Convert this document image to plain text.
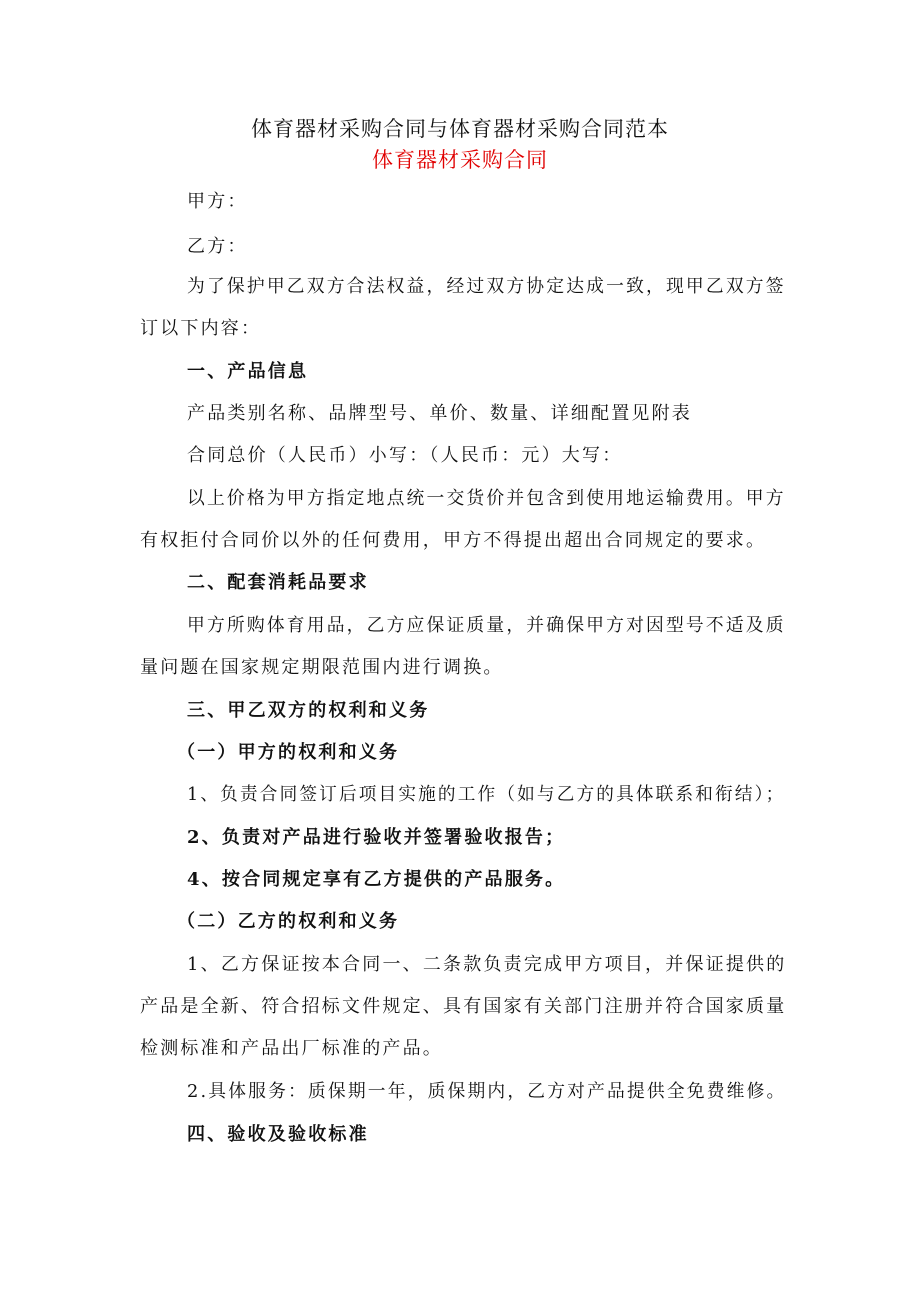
体育器材采购合同与体育器材采购合同范本
体育器材采购合同
甲方：
乙方：
为了保护甲乙双方合法权益，经过双方协定达成一致，现甲乙双方签
订以下内容：
一、产品信息
产品类别名称、品牌型号、单价、数量、详细配置见附表
合同总价（人民币）小写：（人民币：元）大写：
以上价格为甲方指定地点统一交货价并包含到使用地运输费用。甲方
有权拒付合同价以外的任何费用，甲方不得提出超出合同规定的要求。
二、配套消耗品要求
甲方所购体育用品，乙方应保证质量，并确保甲方对因型号不适及质
量问题在国家规定期限范围内进行调换。
三、甲乙双方的权利和义务
（一）甲方的权利和义务
1、负责合同签订后项目实施的工作（如与乙方的具体联系和衔结）；
2、负责对产品进行验收并签署验收报告；
4、按合同规定享有乙方提供的产品服务。
（二）乙方的权利和义务
1、乙方保证按本合同一、二条款负责完成甲方项目，并保证提供的
产品是全新、符合招标文件规定、具有国家有关部门注册并符合国家质量
检测标准和产品出厂标准的产品。
2.具体服务：质保期一年，质保期内，乙方对产品提供全免费维修。
四、验收及验收标准
